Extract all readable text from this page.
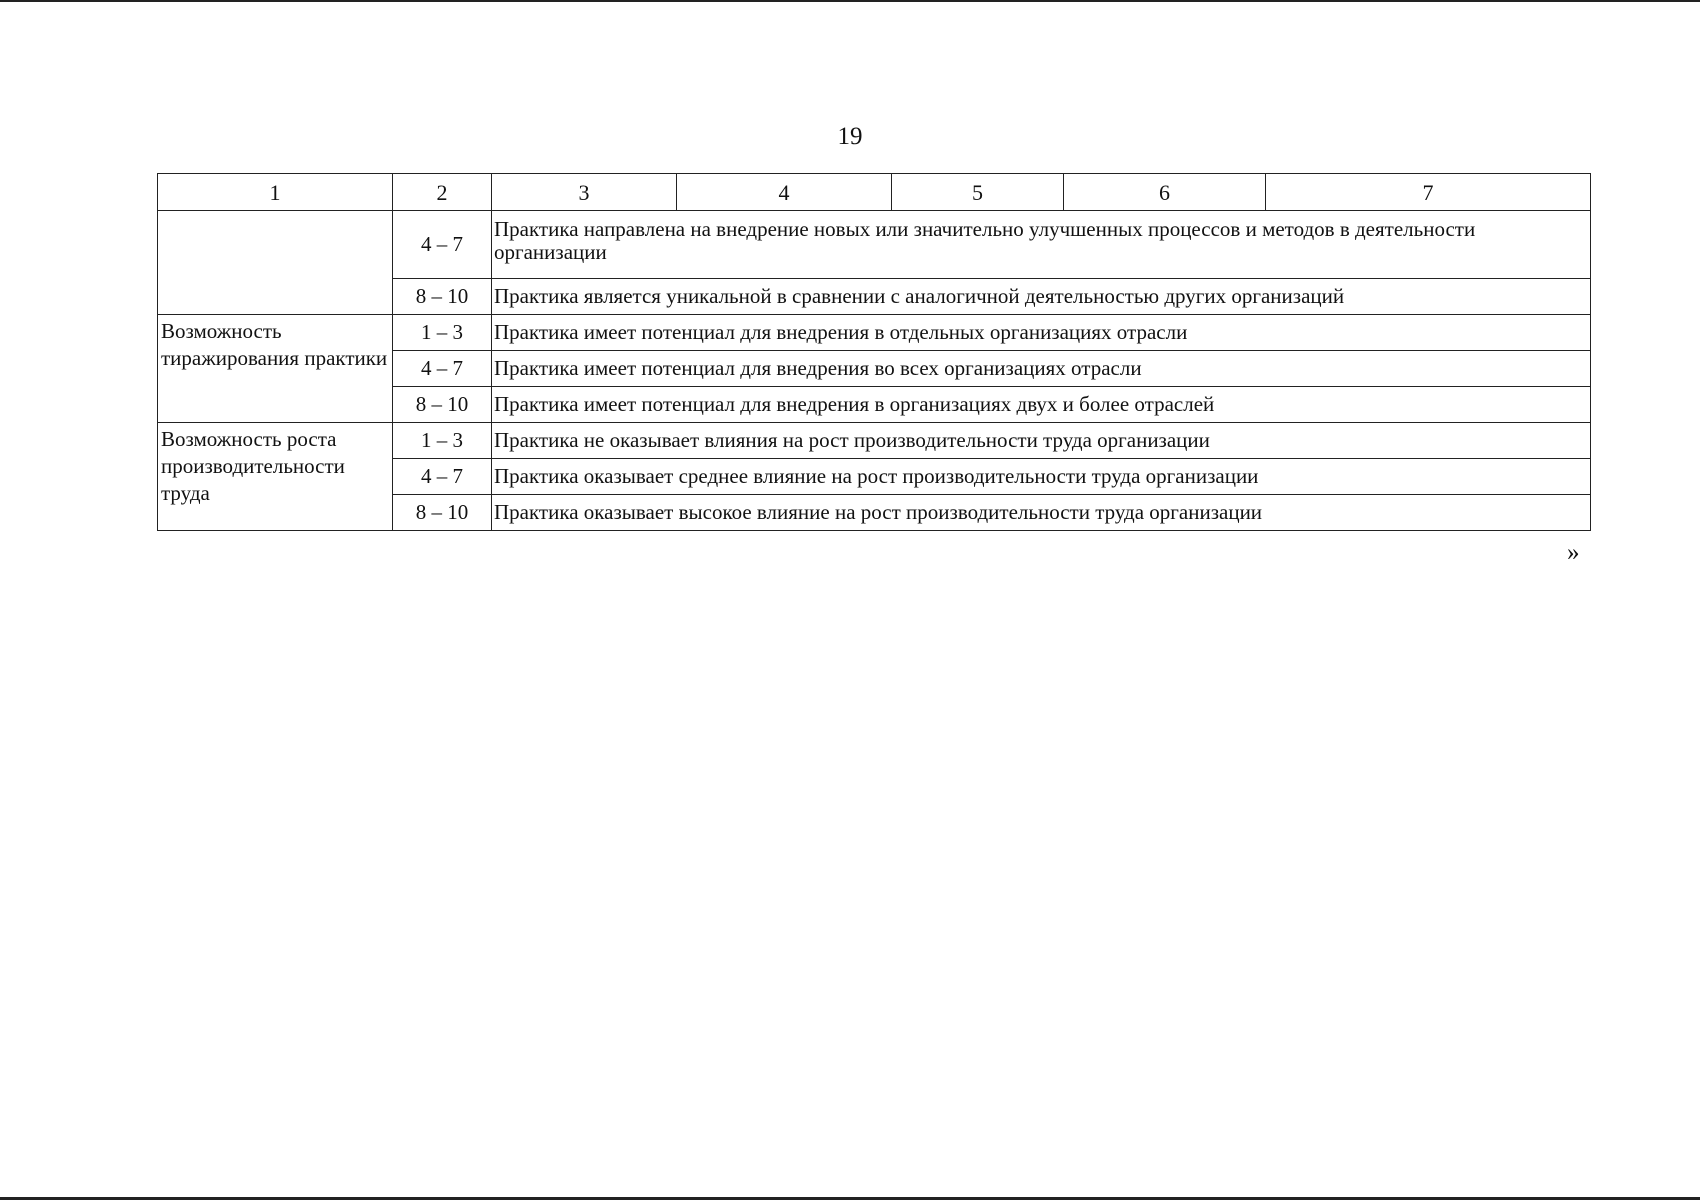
19
1	2	3	4	5	6	7
	4 – 7	Практика направлена на внедрение новых или значительно улучшенных процессов и методов в деятельности организации				
	8 – 10	Практика является уникальной в сравнении с аналогичной деятельностью других организаций				
Возможность тиражирования практики	1 – 3	Практика имеет потенциал для внедрения в отдельных организациях отрасли				
	4 – 7	Практика имеет потенциал для внедрения во всех организациях отрасли				
	8 – 10	Практика имеет потенциал для внедрения в организациях двух и более отраслей				
Возможность роста производительности труда	1 – 3	Практика не оказывает влияния на рост производительности труда организации				
	4 – 7	Практика оказывает среднее влияние на рост производительности труда организации				
	8 – 10	Практика оказывает высокое влияние на рост производительности труда организации				
»
